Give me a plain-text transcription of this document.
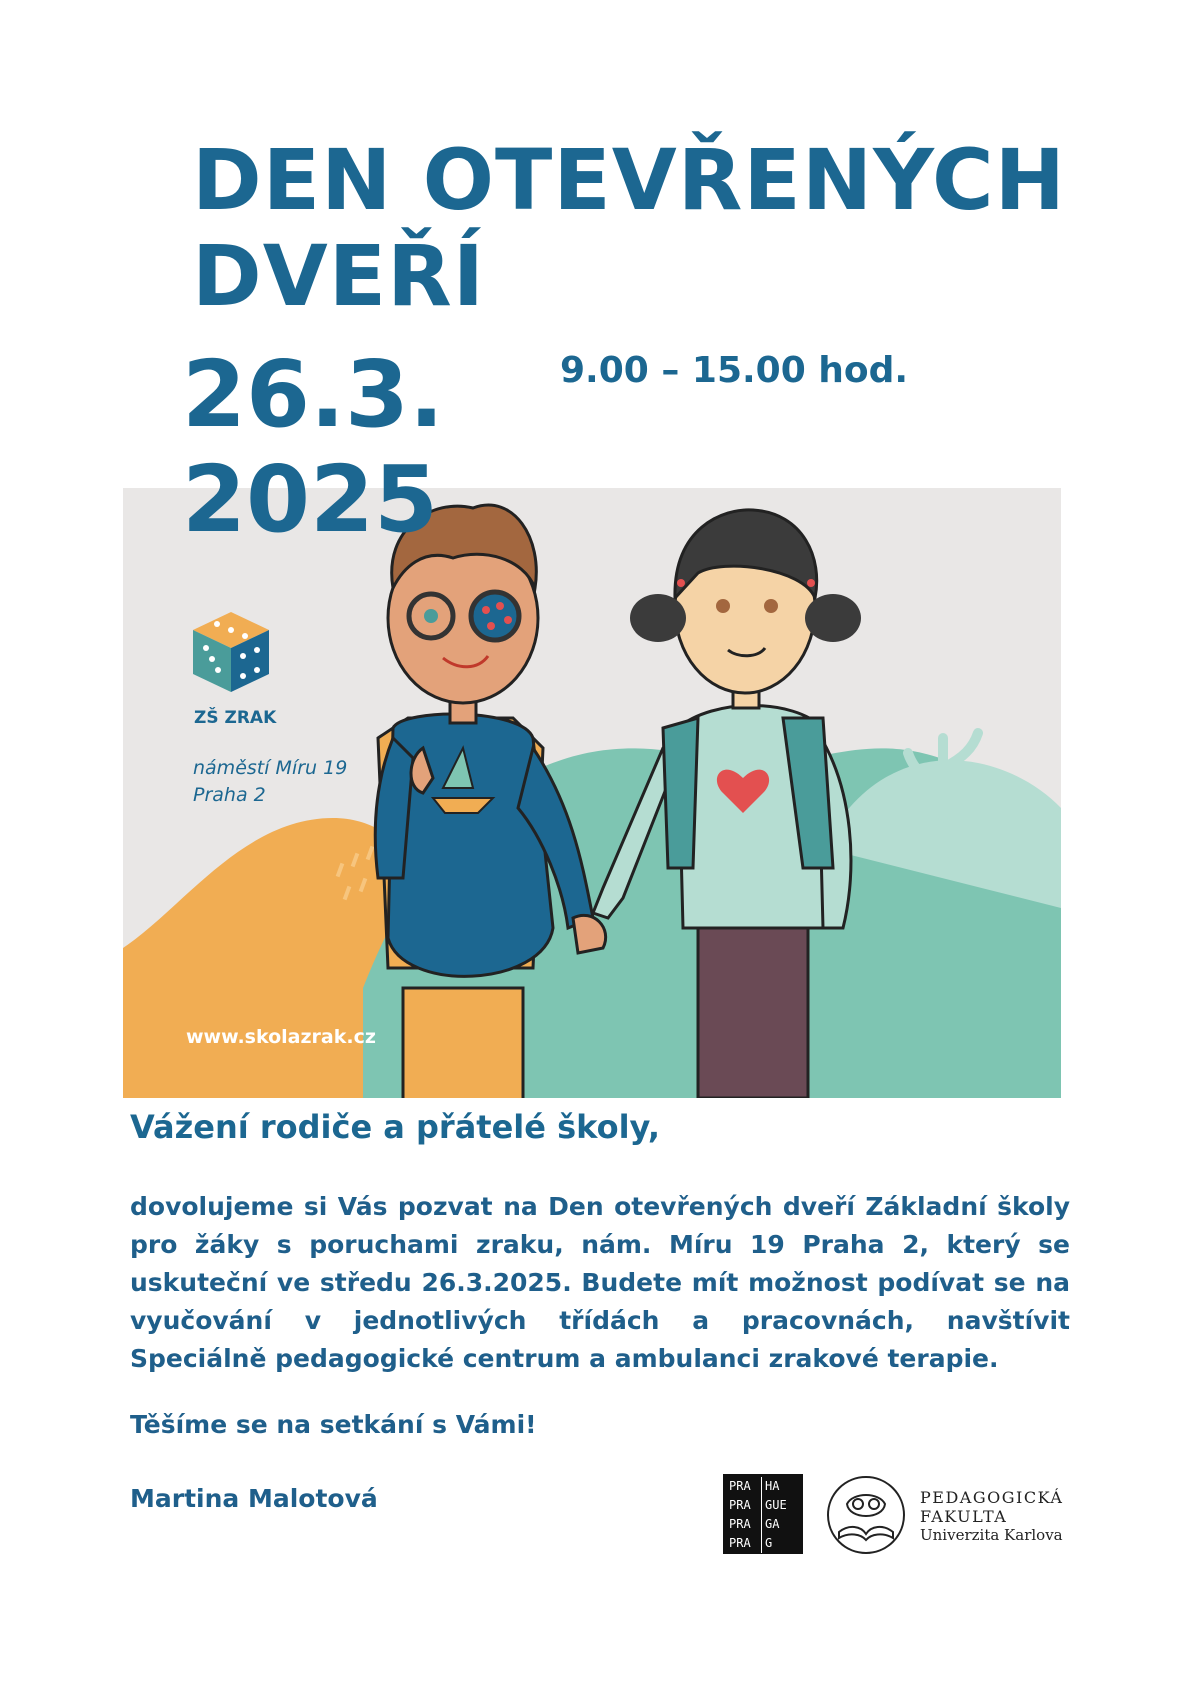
DEN OTEVŘENÝCH
DVEŘÍ
26.3.
2025
9.00 – 15.00 hod.
ZŠ ZRAK
náměstí Míru 19
Praha 2
www.skolazrak.cz
Vážení rodiče a přátelé školy,

dovolujeme si Vás pozvat na Den otevřených dveří Základní školy pro žáky s poruchami zraku, nám. Míru 19 Praha 2, který se uskuteční ve středu 26.3.2025. Budete mít možnost podívat se na vyučování v jednotlivých třídách a pracovnách, navštívit Speciálně pedagogické centrum a ambulanci zrakové terapie.

Těšíme se na setkání s Vámi!
Martina Malotová	PRA	HA
PRA	GUE
PRA	GA
PRA	G
PEDAGOGICKÁ
FAKULTA
Univerzita Karlova
